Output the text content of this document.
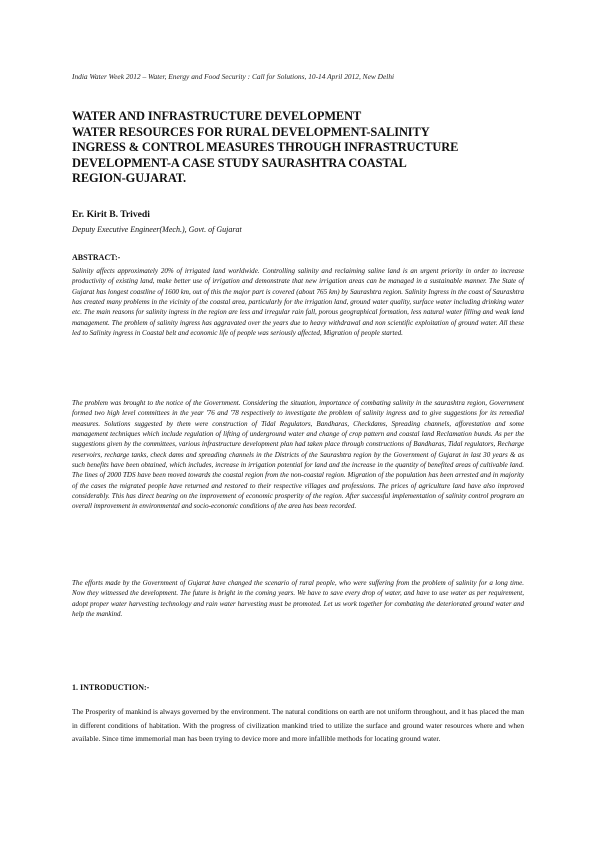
India Water Week 2012 – Water, Energy and Food Security : Call for Solutions, 10-14 April 2012, New Delhi
WATER AND INFRASTRUCTURE DEVELOPMENT
WATER RESOURCES FOR RURAL DEVELOPMENT-SALINITY
INGRESS & CONTROL MEASURES THROUGH INFRASTRUCTURE
DEVELOPMENT-A CASE STUDY SAURASHTRA COASTAL
REGION-GUJARAT.
Er. Kirit B. Trivedi
Deputy Executive Engineer(Mech.), Govt. of Gujarat
ABSTRACT:-

Salinity affects approximately 20% of irrigated land worldwide. Controlling salinity and reclaiming saline land is an urgent priority in order to increase productivity of existing land, make better use of irrigation and demonstrate that new irrigation areas can be managed in a sustainable manner. The State of Gujarat has longest coastline of 1600 km, out of this the major part is covered (about 765 km) by Saurashtra region. Salinity Ingress in the coast of Saurashtra has created many problems in the vicinity of the coastal area, particularly for the irrigation land, ground water quality, surface water including drinking water etc. The main reasons for salinity ingress in the region are less and irregular rain fall, porous geographical formation, less natural water filling and weak land management. The problem of salinity ingress has aggravated over the years due to heavy withdrawal and non scientific exploitation of ground water. All these led to Salinity ingress in Coastal belt and economic life of people was seriously affected, Migration of people started.

The problem was brought to the notice of the Government. Considering the situation, importance of combating salinity in the saurashtra region, Government formed two high level committees in the year '76 and '78 respectively to investigate the problem of salinity ingress and to give suggestions for its remedial measures. Solutions suggested by them were construction of Tidal Regulators, Bandharas, Checkdams, Spreading channels, afforestation and some management techniques which include regulation of lifting of underground water and change of crop pattern and coastal land Reclamation bunds. As per the suggestions given by the committees, various infrastructure development plan had taken place through constructions of Bandharas, Tidal regulators, Recharge reservoirs, recharge tanks, check dams and spreading channels in the Districts of the Saurashtra region by the Government of Gujarat in last 30 years & as such benefits have been obtained, which includes, increase in irrigation potential for land and the increase in the quantity of benefited areas of cultivable land. The lines of 2000 TDS have been moved towards the coastal region from the non-coastal region. Migration of the population has been arrested and in majority of the cases the migrated people have returned and restored to their respective villages and professions. The prices of agriculture land have also improved considerably. This has direct bearing on the improvement of economic prosperity of the region. After successful implementation of salinity control program an overall improvement in environmental and socio-economic conditions of the area has been recorded.

The efforts made by the Government of Gujarat have changed the scenario of rural people, who were suffering from the problem of salinity for a long time. Now they witnessed the development. The future is bright in the coming years. We have to save every drop of water, and have to use water as per requirement, adopt proper water harvesting technology and rain water harvesting must be promoted. Let us work together for combating the deteriorated ground water and help the mankind.

1. INTRODUCTION:-

The Prosperity of mankind is always governed by the environment. The natural conditions on earth are not uniform throughout, and it has placed the man in different conditions of habitation. With the progress of civilization mankind tried to utilize the surface and ground water resources where and when available. Since time immemorial man has been trying to device more and more infallible methods for locating ground water.
